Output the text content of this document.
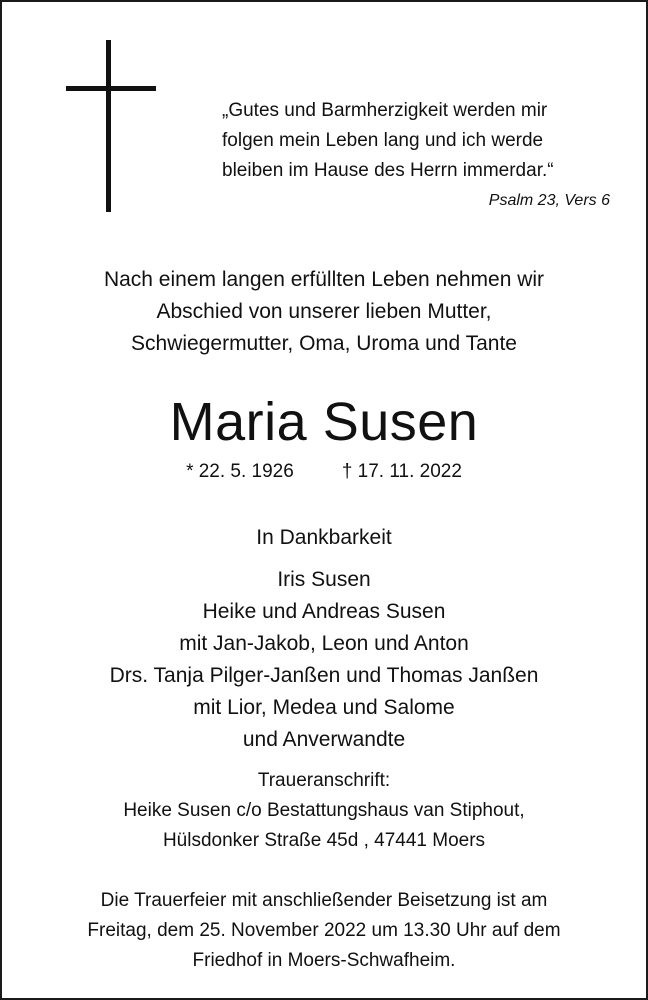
„Gutes und Barmherzigkeit werden mir
folgen mein Leben lang und ich werde
bleiben im Hause des Herrn immerdar.“
Psalm 23, Vers 6
Nach einem langen erfüllten Leben nehmen wir
Abschied von unserer lieben Mutter,
Schwiegermutter, Oma, Uroma und Tante
Maria Susen
* 22. 5. 1926	† 17. 11. 2022
In Dankbarkeit
Iris Susen
Heike und Andreas Susen
mit Jan-Jakob, Leon und Anton
Drs. Tanja Pilger-Janßen und Thomas Janßen
mit Lior, Medea und Salome
und Anverwandte
Traueranschrift:
Heike Susen c/o Bestattungshaus van Stiphout,
Hülsdonker Straße 45d , 47441 Moers
Die Trauerfeier mit anschließender Beisetzung ist am
Freitag, dem 25. November 2022 um 13.30 Uhr auf dem
Friedhof in Moers-Schwafheim.
